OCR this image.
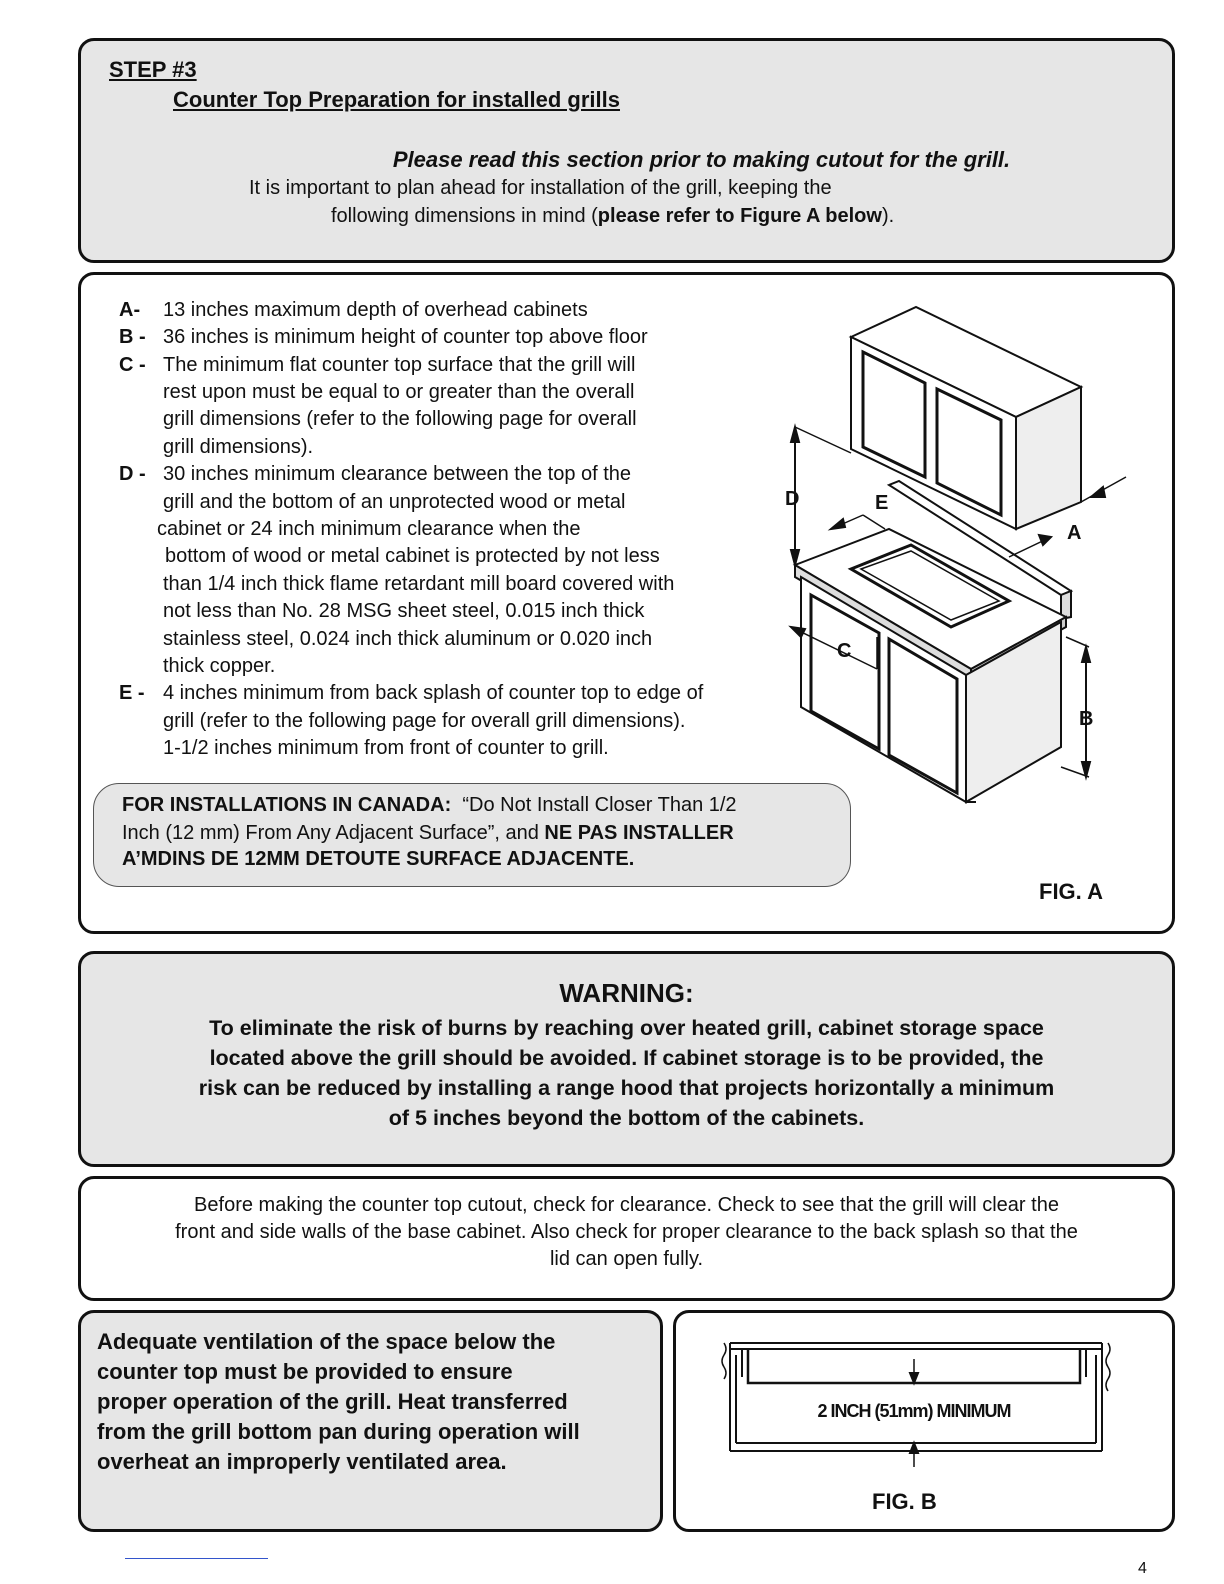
STEP #3
Counter Top Preparation for installed grills
Please read this section prior to making cutout for the grill.
It is important to plan ahead for installation of the grill, keeping the
following dimensions in mind (please refer to Figure A below).
A- 13 inches maximum depth of overhead cabinets
B - 36 inches is minimum height of counter top above floor
C - The minimum flat counter top surface that the grill will
rest upon must be equal to or greater than the overall
grill dimensions (refer to the following page for overall
grill dimensions).
D - 30 inches minimum clearance between the top of the
grill and the bottom of an unprotected wood or metal
cabinet or 24 inch minimum clearance when the
bottom of wood or metal cabinet is protected by not less
than 1/4 inch thick flame retardant mill board covered with
not less than No. 28 MSG sheet steel, 0.015 inch thick
stainless steel, 0.024 inch thick aluminum or 0.020 inch
thick copper.
E - 4 inches minimum from back splash of counter top to edge of
grill (refer to the following page for overall grill dimensions).
1-1/2 inches minimum from front of counter to grill.
FOR INSTALLATIONS IN CANADA: “Do Not Install Closer Than 1/2
Inch (12 mm) From Any Adjacent Surface”, and NE PAS INSTALLER
A’MDINS DE 12MM DETOUTE SURFACE ADJACENTE.
D	E
A
C
B
FIG. A
WARNING:
To eliminate the risk of burns by reaching over heated grill, cabinet storage space
located above the grill should be avoided. If cabinet storage is to be provided, the
risk can be reduced by installing a range hood that projects horizontally a minimum
of 5 inches beyond the bottom of the cabinets.
Before making the counter top cutout, check for clearance. Check to see that the grill will clear the
front and side walls of the base cabinet. Also check for proper clearance to the back splash so that the
lid can open fully.
Adequate ventilation of the space below the
counter top must be provided to ensure
proper operation of the grill. Heat transferred
from the grill bottom pan during operation will
overheat an improperly ventilated area.
2 INCH (51mm) MINIMUM
FIG. B
4
